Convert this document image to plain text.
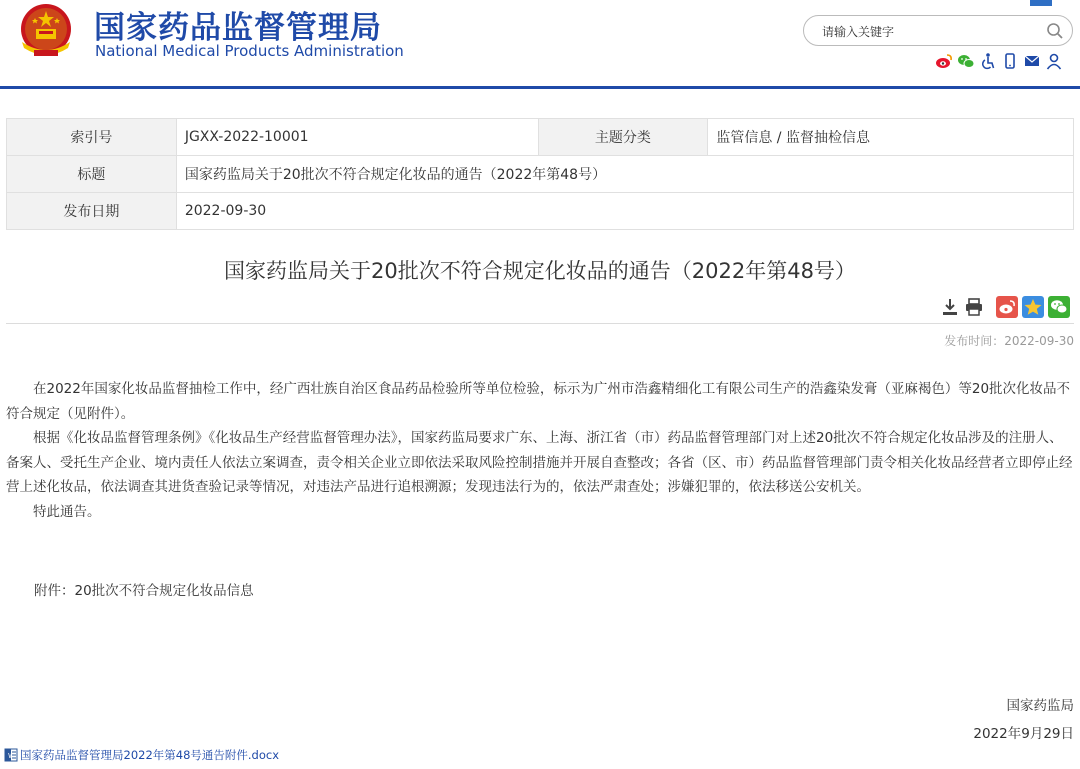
国家药品监督管理局
National Medical Products Administration
请输入关键字
索引号	JGXX-2022-10001	主题分类	监管信息 / 监督抽检信息
标题	国家药监局关于20批次不符合规定化妆品的通告（2022年第48号）		
发布日期	2022-09-30		
国家药监局关于20批次不符合规定化妆品的通告（2022年第48号）
发布时间：2022-09-30

在2022年国家化妆品监督抽检工作中，经广西壮族自治区食品药品检验所等单位检验，标示为广州市浩鑫精细化工有限公司生产的浩鑫染发膏（亚麻褐色）等20批次化妆品不符合规定（见附件）。

根据《化妆品监督管理条例》《化妆品生产经营监督管理办法》，国家药监局要求广东、上海、浙江省（市）药品监督管理部门对上述20批次不符合规定化妆品涉及的注册人、备案人、受托生产企业、境内责任人依法立案调查，责令相关企业立即依法采取风险控制措施并开展自查整改；各省（区、市）药品监督管理部门责令相关化妆品经营者立即停止经营上述化妆品，依法调查其进货查验记录等情况，对违法产品进行追根溯源；发现违法行为的，依法严肃查处；涉嫌犯罪的，依法移送公安机关。

特此通告。

附件：20批次不符合规定化妆品信息
国家药监局
2022年9月29日
W 国家药品监督管理局2022年第48号通告附件.docx
